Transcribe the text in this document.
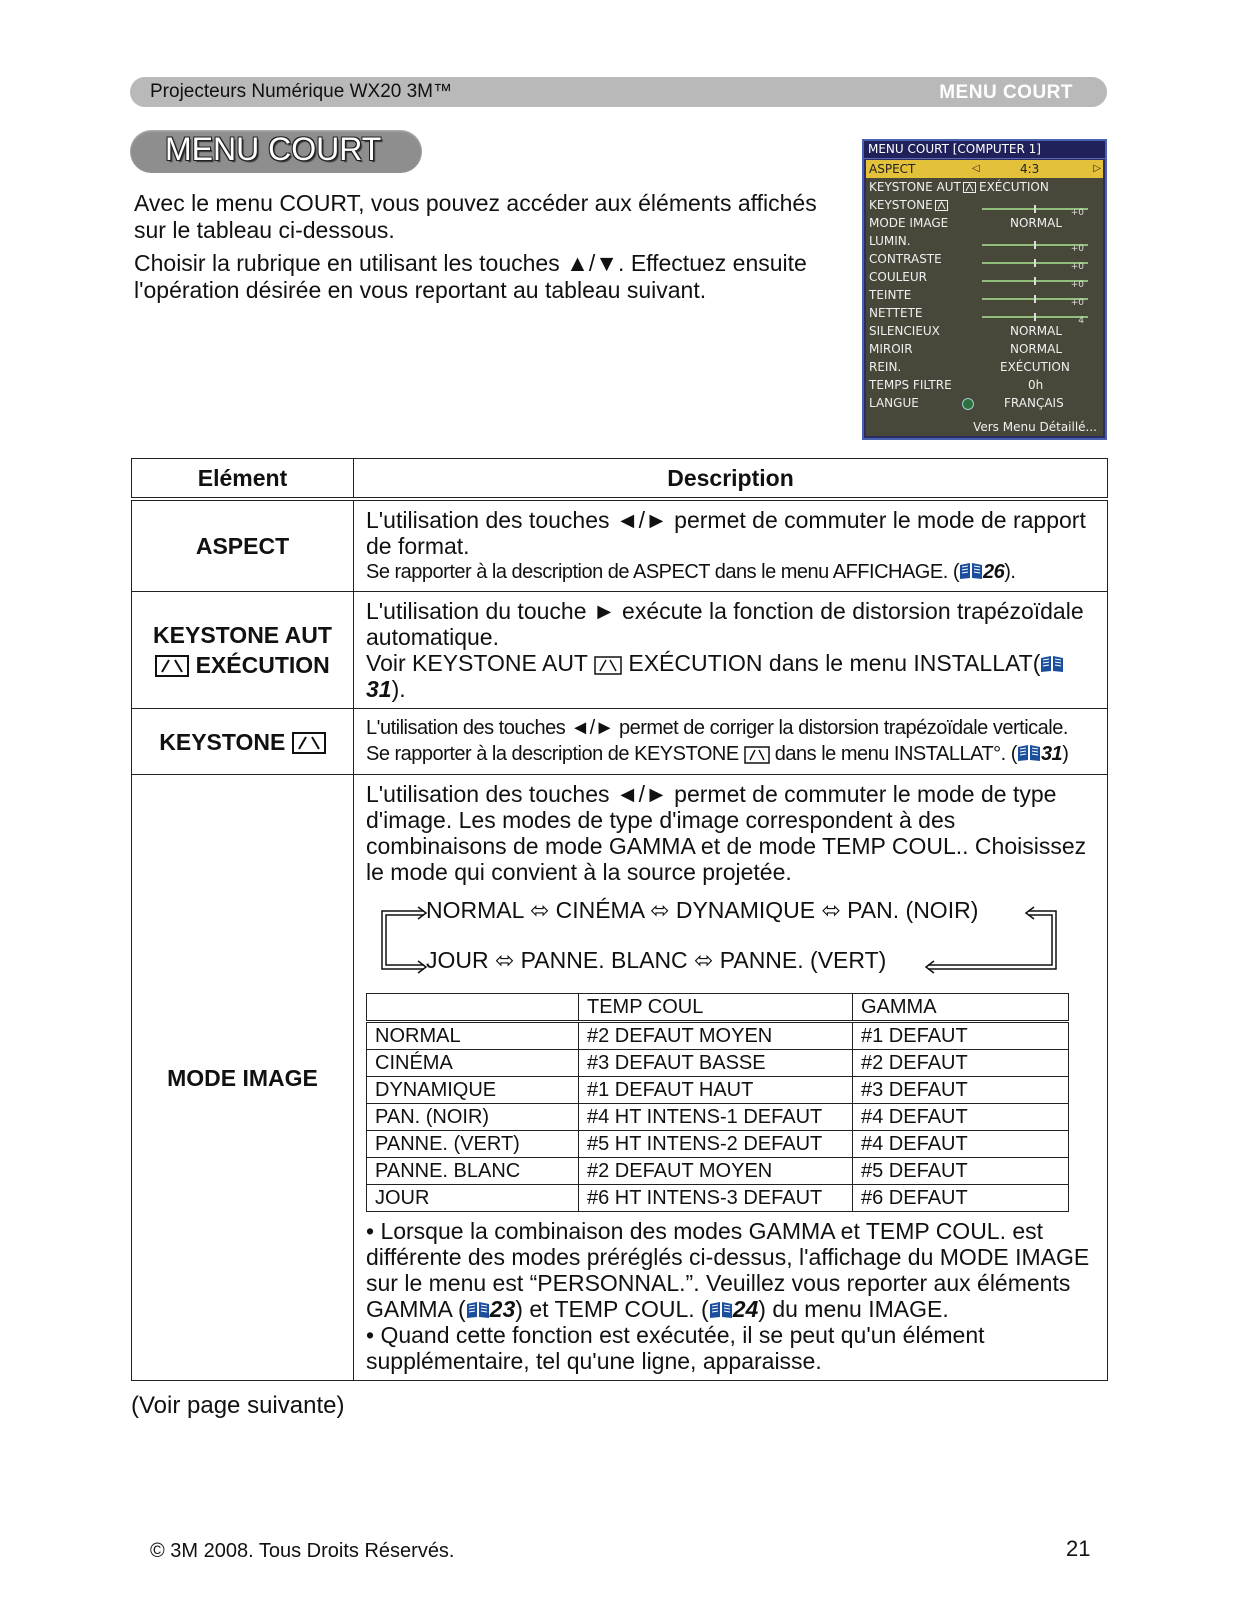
Projecteurs Numérique WX20 3M™	MENU COURT
MENU COURT

Avec le menu COURT, vous pouvez accéder aux éléments affichés sur le tableau ci-dessous.

Choisir la rubrique en utilisant les touches ▲/▼. Effectuez ensuite l'opération désirée en vous reportant au tableau suivant.

MENU COURT [COMPUTER 1]
ASPECT	◁	4:3	▷
KEYSTONE AUT EXÉCUTION
KEYSTONE
+0
MODE IMAGE	NORMAL
LUMIN.
+0
CONTRASTE
+0
COULEUR
+0
TEINTE
+0
NETTETE
4
SILENCIEUX	NORMAL
MIROIR	NORMAL
REIN.	EXÉCUTION
TEMPS FILTRE	0h
LANGUE	FRANÇAIS
Vers Menu Détaillé...
Elément	Description
ASPECT	
L'utilisation des touches ◄/► permet de commuter le mode de rapport de format.
Se rapporter à la description de ASPECT dans le menu AFFICHAGE. ( 26).

KEYSTONE AUT
EXÉCUTION

L'utilisation du touche ► exécute la fonction de distorsion trapézoïdale automatique.
Voir KEYSTONE AUT EXÉCUTION dans le menu INSTALLAT(31).

KEYSTONE	
L'utilisation des touches ◄/► permet de corriger la distorsion trapézoïdale verticale.
Se rapporter à la description de KEYSTONE dans le menu INSTALLAT°. ( 31)

MODE IMAGE	
L'utilisation des touches ◄/► permet de commuter le mode de type d'image. Les modes de type d'image correspondent à des combinaisons de mode GAMMA et de mode TEMP COUL.. Choisissez le mode qui convient à la source projetée.
NORMAL ⬄ CINÉMA ⬄ DYNAMIQUE ⬄ PAN. (NOIR)
JOUR ⬄ PANNE. BLANC ⬄ PANNE. (VERT)
	TEMP COUL	GAMMA
NORMAL	#2 DEFAUT MOYEN	#1 DEFAUT
CINÉMA	#3 DEFAUT BASSE	#2 DEFAUT
DYNAMIQUE	#1 DEFAUT HAUT	#3 DEFAUT
PAN. (NOIR)	#4 HT INTENS-1 DEFAUT	#4 DEFAUT
PANNE. (VERT)	#5 HT INTENS-2 DEFAUT	#4 DEFAUT
PANNE. BLANC	#2 DEFAUT MOYEN	#5 DEFAUT
JOUR	#6 HT INTENS-3 DEFAUT	#6 DEFAUT
• Lorsque la combinaison des modes GAMMA et TEMP COUL. est différente des modes préréglés ci-dessus, l'affichage du MODE IMAGE sur le menu est “PERSONNAL.”. Veuillez vous reporter aux éléments GAMMA ( 23) et TEMP COUL. ( 24) du menu IMAGE.
• Quand cette fonction est exécutée, il se peut qu'un élément supplémentaire, tel qu'une ligne, apparaisse.
(Voir page suivante)
© 3M 2008. Tous Droits Réservés.	21
